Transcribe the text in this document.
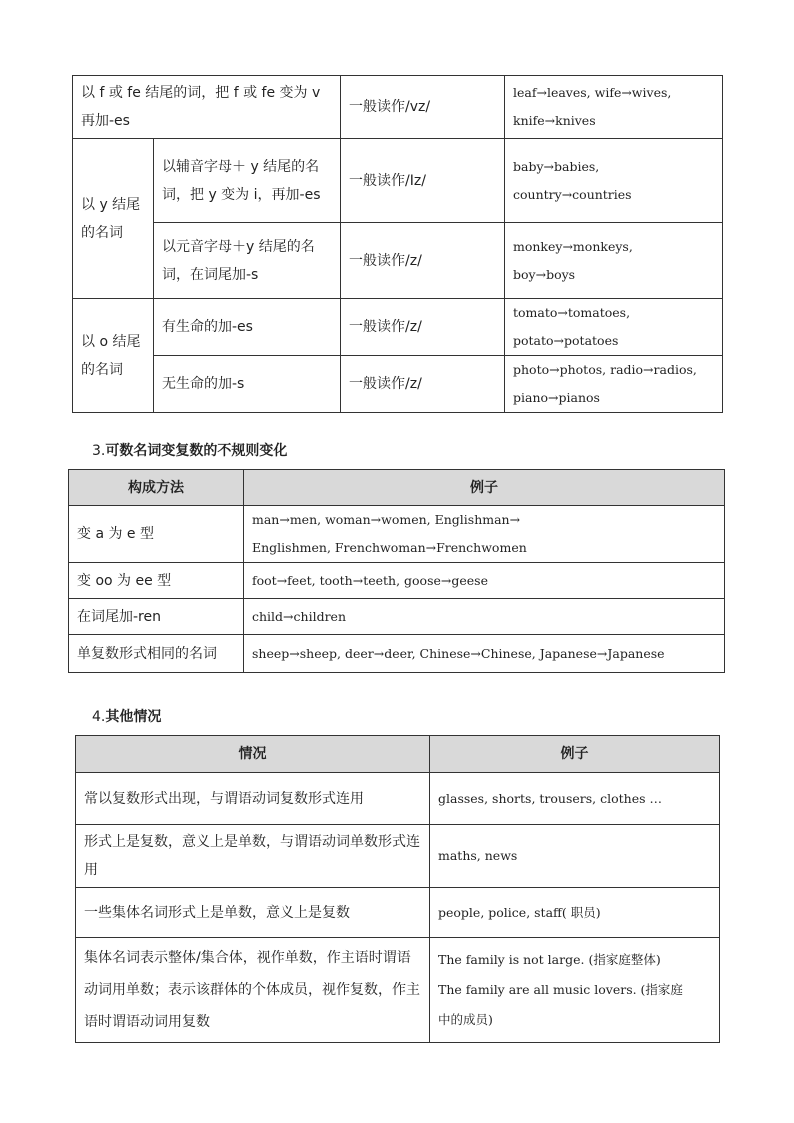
以 f 或 fe 结尾的词，把 f 或 fe 变为 v 再加-es		一般读作/vz/	leaf→leaves, wife→wives,
knife→knives

以 y 结尾的名词	以辅音字母＋ y 结尾的名词，把 y 变为 i，再加-es	一般读作/Iz/	baby→babies,
country→countries

	以元音字母＋y 结尾的名词，在词尾加-s	一般读作/z/	monkey→monkeys,
boy→boys

以 o 结尾的名词	有生命的加-es	一般读作/z/	tomato→tomatoes,
potato→potatoes

	无生命的加-s	一般读作/z/	photo→photos, radio→radios,
piano→pianos
3.可数名词变复数的不规则变化
构成方法	例子
变 a 为 e 型	man→men, woman→women, Englishman→
Englishmen, Frenchwoman→Frenchwomen

变 oo 为 ee 型	foot→feet, tooth→teeth, goose→geese

在词尾加-ren	child→children

单复数形式相同的名词	sheep→sheep, deer→deer, Chinese→Chinese, Japanese→Japanese
4.其他情况
情况	例子
常以复数形式出现，与谓语动词复数形式连用	glasses, shorts, trousers, clothes …

形式上是复数，意义上是单数，与谓语动词单数形式连用	maths, news

一些集体名词形式上是单数，意义上是复数	people, police, staff( 职员)

集体名词表示整体/集合体，视作单数，作主语时谓语动词用单数；表示该群体的个体成员，视作复数，作主语时谓语动词用复数	The family is not large. (指家庭整体)
The family are all music lovers. (指家庭
中的成员)
